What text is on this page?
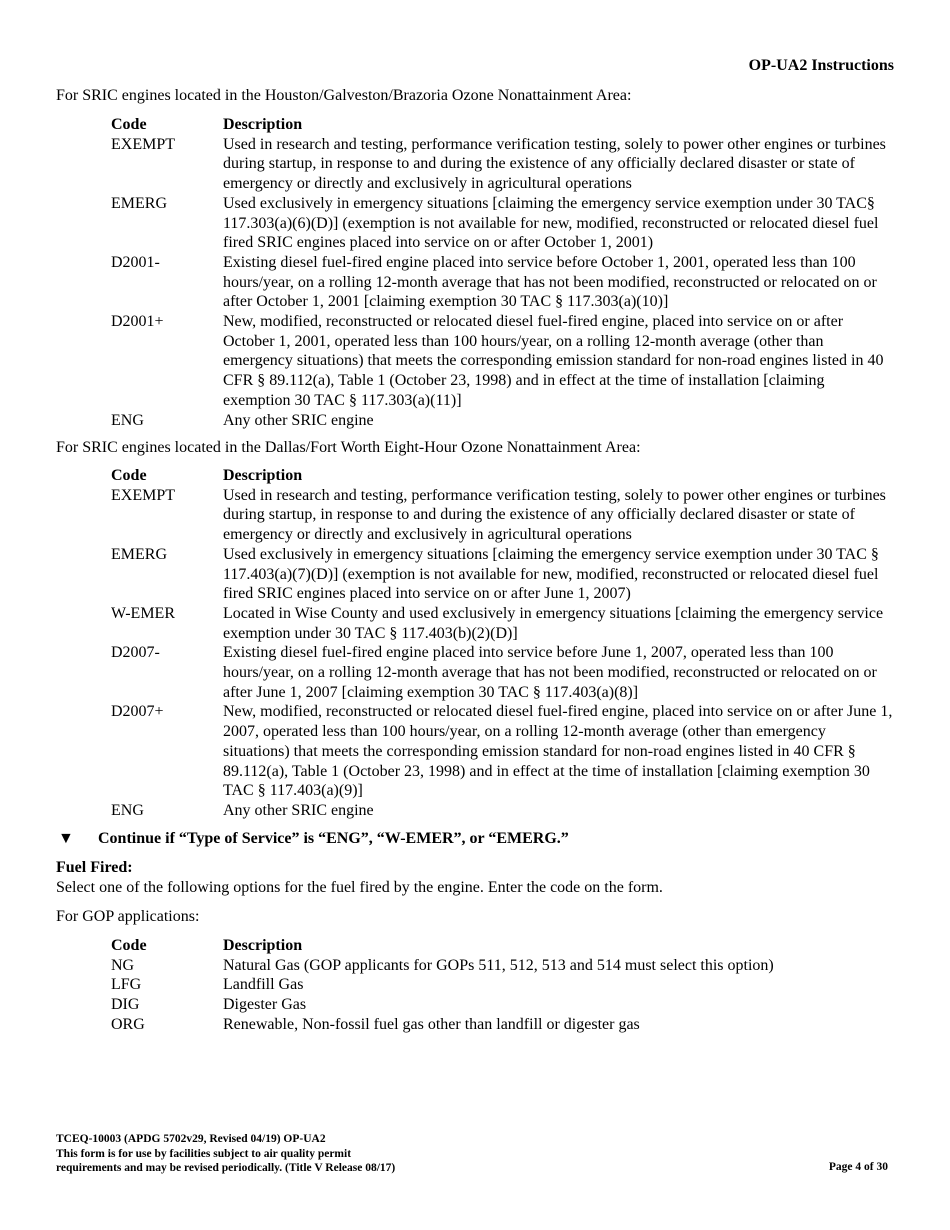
OP-UA2 Instructions
For SRIC engines located in the Houston/Galveston/Brazoria Ozone Nonattainment Area:
Code	Description
EXEMPT	Used in research and testing, performance verification testing, solely to power other engines or turbines during startup, in response to and during the existence of any officially declared disaster or state of emergency or directly and exclusively in agricultural operations
EMERG	Used exclusively in emergency situations [claiming the emergency service exemption under 30 TAC§ 117.303(a)(6)(D)] (exemption is not available for new, modified, reconstructed or relocated diesel fuel fired SRIC engines placed into service on or after October 1, 2001)
D2001-	Existing diesel fuel-fired engine placed into service before October 1, 2001, operated less than 100 hours/year, on a rolling 12-month average that has not been modified, reconstructed or relocated on or after October 1, 2001 [claiming exemption 30 TAC § 117.303(a)(10)]
D2001+	New, modified, reconstructed or relocated diesel fuel-fired engine, placed into service on or after October 1, 2001, operated less than 100 hours/year, on a rolling 12-month average (other than emergency situations) that meets the corresponding emission standard for non-road engines listed in 40 CFR § 89.112(a), Table 1 (October 23, 1998) and in effect at the time of installation [claiming exemption 30 TAC § 117.303(a)(11)]
ENG	Any other SRIC engine
For SRIC engines located in the Dallas/Fort Worth Eight-Hour Ozone Nonattainment Area:
Code	Description
EXEMPT	Used in research and testing, performance verification testing, solely to power other engines or turbines during startup, in response to and during the existence of any officially declared disaster or state of emergency or directly and exclusively in agricultural operations
EMERG	Used exclusively in emergency situations [claiming the emergency service exemption under 30 TAC § 117.403(a)(7)(D)] (exemption is not available for new, modified, reconstructed or relocated diesel fuel fired SRIC engines placed into service on or after June 1, 2007)
W-EMER	Located in Wise County and used exclusively in emergency situations [claiming the emergency service exemption under 30 TAC § 117.403(b)(2)(D)]
D2007-	Existing diesel fuel-fired engine placed into service before June 1, 2007, operated less than 100 hours/year, on a rolling 12-month average that has not been modified, reconstructed or relocated on or after June 1, 2007 [claiming exemption 30 TAC § 117.403(a)(8)]
D2007+	New, modified, reconstructed or relocated diesel fuel-fired engine, placed into service on or after June 1, 2007, operated less than 100 hours/year, on a rolling 12-month average (other than emergency situations) that meets the corresponding emission standard for non-road engines listed in 40 CFR § 89.112(a), Table 1 (October 23, 1998) and in effect at the time of installation [claiming exemption 30 TAC § 117.403(a)(9)]
ENG	Any other SRIC engine
▼ Continue if “Type of Service” is “ENG”, “W-EMER”, or “EMERG.”
Fuel Fired:
Select one of the following options for the fuel fired by the engine. Enter the code on the form.
For GOP applications:
Code	Description
NG	Natural Gas (GOP applicants for GOPs 511, 512, 513 and 514 must select this option)
LFG	Landfill Gas
DIG	Digester Gas
ORG	Renewable, Non-fossil fuel gas other than landfill or digester gas
TCEQ-10003 (APDG 5702v29, Revised 04/19) OP-UA2
This form is for use by facilities subject to air quality permit
requirements and may be revised periodically. (Title V Release 08/17)	Page 4 of 30
